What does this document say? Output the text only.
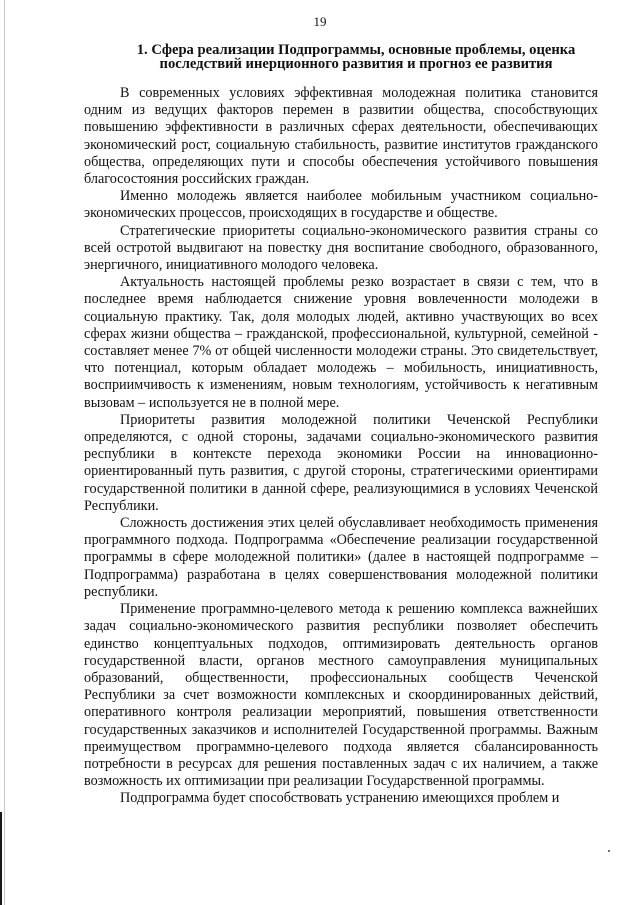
19
1. Сфера реализации Подпрограммы, основные проблемы, оценка
последствий инерционного развития и прогноз ее развития

В современных условиях эффективная молодежная политика становится одним из ведущих факторов перемен в развитии общества, способствующих повышению эффективности в различных сферах деятельности, обеспечивающих экономический рост, социальную стабильность, развитие институтов гражданского общества, определяющих пути и способы обеспечения устойчивого повышения благосостояния российских граждан.

Именно молодежь является наиболее мобильным участником социально-экономических процессов, происходящих в государстве и обществе.

Стратегические приоритеты социально-экономического развития страны со всей остротой выдвигают на повестку дня воспитание свободного, образованного, энергичного, инициативного молодого человека.

Актуальность настоящей проблемы резко возрастает в связи с тем, что в последнее время наблюдается снижение уровня вовлеченности молодежи в социальную практику. Так, доля молодых людей, активно участвующих во всех сферах жизни общества – гражданской, профессиональной, культурной, семейной - составляет менее 7% от общей численности молодежи страны. Это свидетельствует, что потенциал, которым обладает молодежь – мобильность, инициативность, восприимчивость к изменениям, новым технологиям, устойчивость к негативным вызовам – используется не в полной мере.

Приоритеты развития молодежной политики Чеченской Республики определяются, с одной стороны, задачами социально-экономического развития республики в контексте перехода экономики России на инновационно-ориентированный путь развития, с другой стороны, стратегическими ориентирами государственной политики в данной сфере, реализующимися в условиях Чеченской Республики.

Сложность достижения этих целей обуславливает необходимость применения программного подхода. Подпрограмма «Обеспечение реализации государственной программы в сфере молодежной политики» (далее в настоящей подпрограмме – Подпрограмма) разработана в целях совершенствования молодежной политики республики.

Применение программно-целевого метода к решению комплекса важнейших задач социально-экономического развития республики позволяет обеспечить единство концептуальных подходов, оптимизировать деятельность органов государственной власти, органов местного самоуправления муниципальных образований, общественности, профессиональных сообществ Чеченской Республики за счет возможности комплексных и скоординированных действий, оперативного контроля реализации мероприятий, повышения ответственности государственных заказчиков и исполнителей Государственной программы. Важным преимуществом программно-целевого подхода является сбалансированность потребности в ресурсах для решения поставленных задач с их наличием, а также возможность их оптимизации при реализации Государственной программы.

Подпрограмма будет способствовать устранению имеющихся проблем и
